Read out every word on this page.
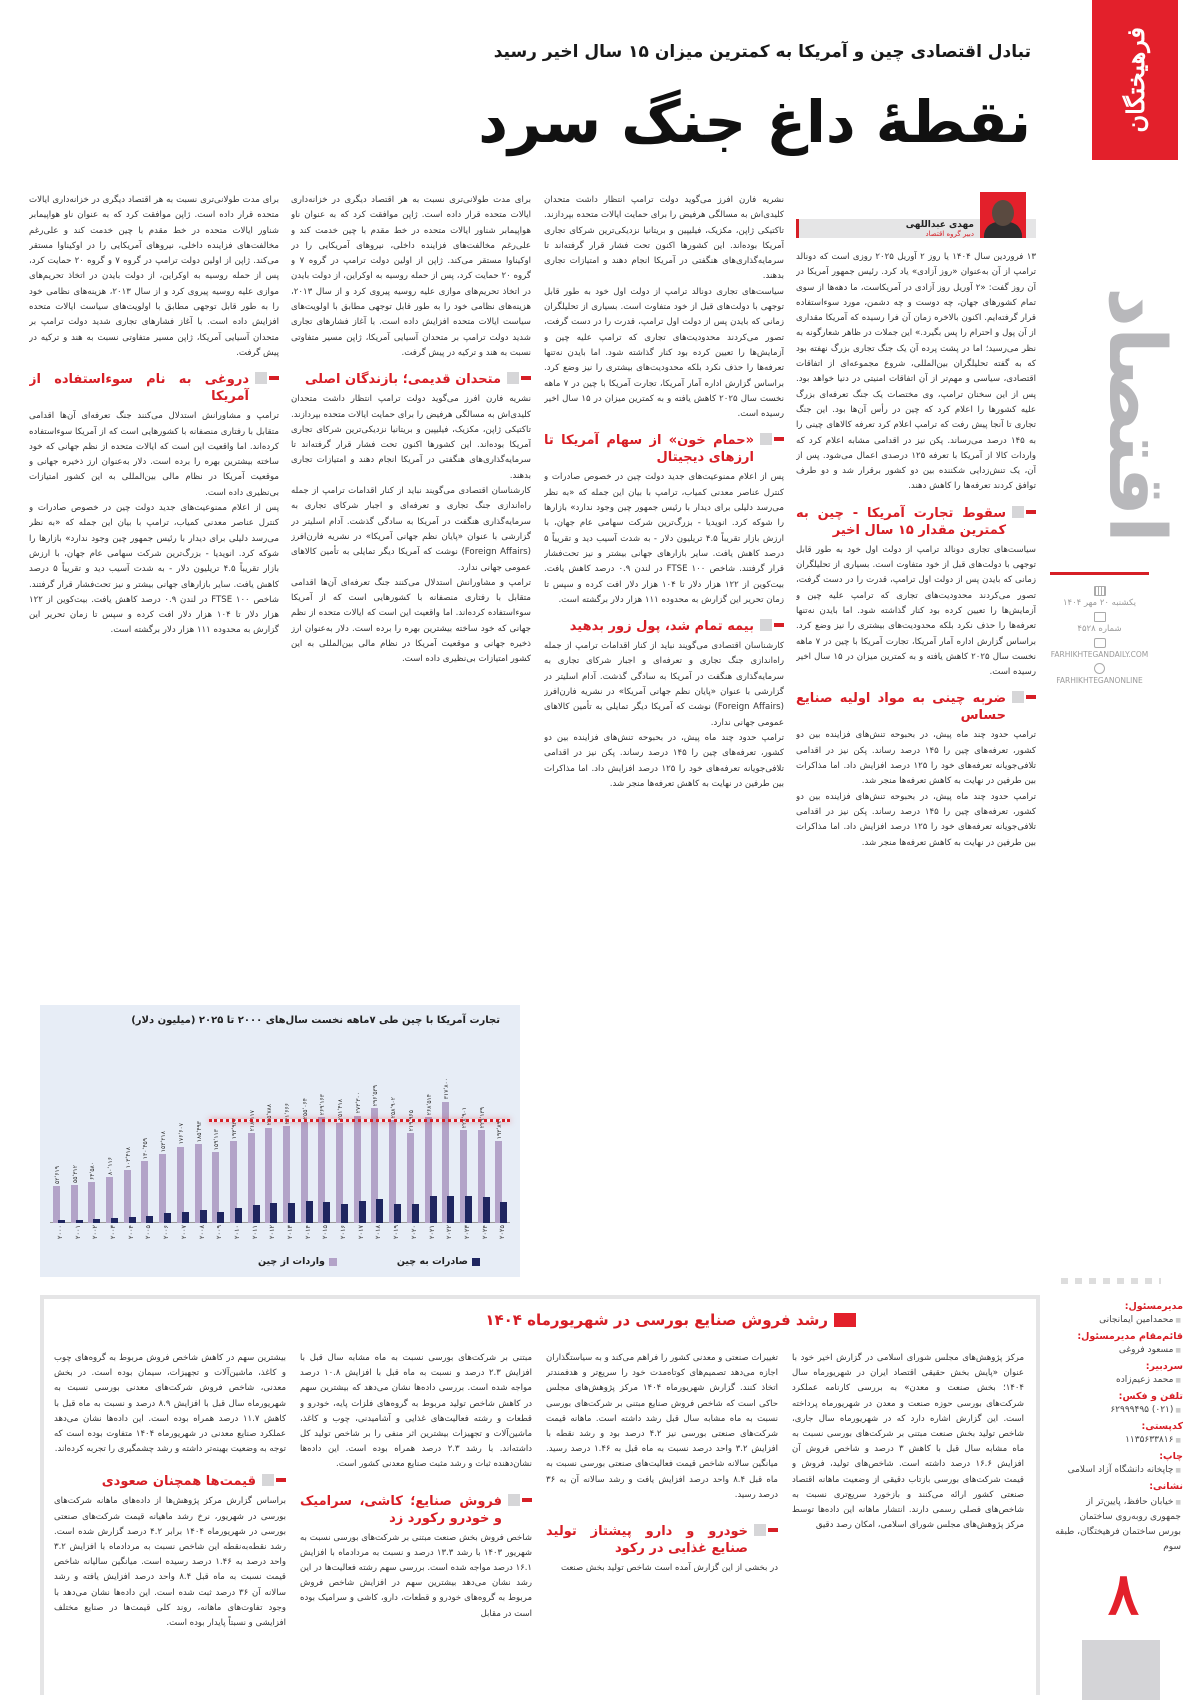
فرهیختگان
اقتصاد
یکشنبه ۲۰ مهر ۱۴۰۴
شماره ۴۵۲۸
FARHIKHTEGANDAILY.COM
FARHIKHTEGANONLINE
مدیرمسئول:
■ محمدامین ایمانجانی
قائم‌مقام مدیرمسئول:
■ مسعود فروغی
سردبیر:
■ محمد زعیم‌زاده
تلفن و فکس:
■ (۰۲۱) ۶۲۹۹۹۴۹۵
کدپستی:
■ ۱۱۳۵۶۳۳۸۱۶
چاپ:
■ چاپخانه دانشگاه آزاد اسلامی
نشانی:
■ خیابان حافظ، پایین‌تر از جمهوری روبه‌روی ساختمان بورس ساختمان فرهیختگان، طبقه سوم
۸
تبادل اقتصادی چین و آمریکا به کمترین میزان ۱۵ سال اخیر رسید
نقطهٔ داغ جنگ سرد
مهدی عبداللهی
دبیر گروه اقتصاد

۱۳ فروردین سال ۱۴۰۴ یا روز ۲ آوریل ۲۰۲۵ روزی است که دونالد ترامپ از آن به‌عنوان «روز آزادی» یاد کرد. رئیس جمهور آمریکا در آن روز گفت: «۲ آوریل روز آزادی در آمریکاست، ما دهه‌ها از سوی تمام کشورهای جهان، چه دوست و چه دشمن، مورد سوءاستفاده قرار گرفته‌ایم. اکنون بالاخره زمان آن فرا رسیده که آمریکا مقداری از آن پول و احترام را پس بگیرد.» این جملات در ظاهر شعارگونه به نظر می‌رسید؛ اما در پشت پرده آن یک جنگ تجاری بزرگ نهفته بود که به گفته تحلیلگران بین‌المللی، شروع مجموعه‌ای از اتفاقات اقتصادی، سیاسی و مهم‌تر از آن اتفاقات امنیتی در دنیا خواهد بود. پس از این سخنان ترامپ، وی مختصات یک جنگ تعرفه‌ای بزرگ علیه کشورها را اعلام کرد که چین در رأس آن‌ها بود. این جنگ تجاری تا آنجا پیش رفت که ترامپ اعلام کرد تعرفه کالاهای چینی را به ۱۴۵ درصد می‌رساند. پکن نیز در اقدامی مشابه اعلام کرد که واردات کالا از آمریکا با تعرفه ۱۲۵ درصدی اعمال می‌شود. پس از آن، یک تنش‌زدایی شکننده بین دو کشور برقرار شد و دو طرف توافق کردند تعرفه‌ها را کاهش دهند.

سقوط تجارت آمریکا - چین به کمترین مقدار ۱۵ سال اخیر

سیاست‌های تجاری دونالد ترامپ از دولت اول خود به طور قابل توجهی با دولت‌های قبل از خود متفاوت است. بسیاری از تحلیلگران زمانی که بایدن پس از دولت اول ترامپ، قدرت را در دست گرفت، تصور می‌کردند محدودیت‌های تجاری که ترامپ علیه چین و آزمایش‌ها را تعیین کرده بود کنار گذاشته شود. اما بایدن نه‌تنها تعرفه‌ها را حذف نکرد بلکه محدودیت‌های بیشتری را نیز وضع کرد. براساس گزارش اداره آمار آمریکا، تجارت آمریکا با چین در ۷ ماهه نخست سال ۲۰۲۵ کاهش یافته و به کمترین میزان در ۱۵ سال اخیر رسیده است.

ضربه چینی به مواد اولیه صنایع حساس

ترامپ حدود چند ماه پیش، در بحبوحه تنش‌های فزاینده بین دو کشور، تعرفه‌های چین را ۱۴۵ درصد رساند. پکن نیز در اقدامی تلافی‌جویانه تعرفه‌های خود را ۱۲۵ درصد افزایش داد. اما مذاکرات بین طرفین در نهایت به کاهش تعرفه‌ها منجر شد.

ترامپ حدود چند ماه پیش، در بحبوحه تنش‌های فزاینده بین دو کشور، تعرفه‌های چین را ۱۴۵ درصد رساند. پکن نیز در اقدامی تلافی‌جویانه تعرفه‌های خود را ۱۲۵ درصد افزایش داد. اما مذاکرات بین طرفین در نهایت به کاهش تعرفه‌ها منجر شد.

نشریه فارن افرز می‌گوید دولت ترامپ انتظار داشت متحدان کلیدی‌اش به مسالگی هرفیض را برای حمایت ایالات متحده بپردازند. تاکتیکی ژاپن، مکزیک، فیلیپین و بریتانیا نزدیکی‌ترین شرکای تجاری آمریکا بوده‌اند. این کشورها اکنون تحت فشار قرار گرفته‌اند تا سرمایه‌گذاری‌های هنگفتی در آمریکا انجام دهند و امتیازات تجاری بدهند.

سیاست‌های تجاری دونالد ترامپ از دولت اول خود به طور قابل توجهی با دولت‌های قبل از خود متفاوت است. بسیاری از تحلیلگران زمانی که بایدن پس از دولت اول ترامپ، قدرت را در دست گرفت، تصور می‌کردند محدودیت‌های تجاری که ترامپ علیه چین و آزمایش‌ها را تعیین کرده بود کنار گذاشته شود. اما بایدن نه‌تنها تعرفه‌ها را حذف نکرد بلکه محدودیت‌های بیشتری را نیز وضع کرد. براساس گزارش اداره آمار آمریکا، تجارت آمریکا با چین در ۷ ماهه نخست سال ۲۰۲۵ کاهش یافته و به کمترین میزان در ۱۵ سال اخیر رسیده است.

«حمام خون» از سهام آمریکا تا ارزهای دیجیتال

پس از اعلام ممنوعیت‌های جدید دولت چین در خصوص صادرات و کنترل عناصر معدنی کمیاب، ترامپ با بیان این جمله که «به نظر می‌رسد دلیلی برای دیدار با رئیس جمهور چین وجود ندارد» بازارها را شوکه کرد. انویدیا - بزرگ‌ترین شرکت سهامی عام جهان، با ارزش بازار تقریباً ۴.۵ تریلیون دلار - به شدت آسیب دید و تقریباً ۵ درصد کاهش یافت. سایر بازارهای جهانی بیشتر و نیز تحت‌فشار قرار گرفتند. شاخص FTSE ۱۰۰ در لندن ۰.۹ درصد کاهش یافت. بیت‌کوین از ۱۲۲ هزار دلار تا ۱۰۴ هزار دلار افت کرده و سپس تا زمان تحریر این گزارش به محدوده ۱۱۱ هزار دلار برگشته است.

بیمه تمام شد، پول زور بدهید

کارشناسان اقتصادی می‌گویند نباید از کنار اقدامات ترامپ از جمله راه‌اندازی جنگ تجاری و تعرفه‌ای و اجبار شرکای تجاری به سرمایه‌گذاری هنگفت در آمریکا به سادگی گذشت. آدام اسلیتر در گزارشی با عنوان «پایان نظم جهانی آمریکا» در نشریه فارن‌افرز (Foreign Affairs) نوشت که آمریکا دیگر تمایلی به تأمین کالاهای عمومی جهانی ندارد.

ترامپ حدود چند ماه پیش، در بحبوحه تنش‌های فزاینده بین دو کشور، تعرفه‌های چین را ۱۴۵ درصد رساند. پکن نیز در اقدامی تلافی‌جویانه تعرفه‌های خود را ۱۲۵ درصد افزایش داد. اما مذاکرات بین طرفین در نهایت به کاهش تعرفه‌ها منجر شد.

برای مدت طولانی‌تری نسبت به هر اقتصاد دیگری در خزانه‌داری ایالات متحده قرار داده است. ژاپن موافقت کرد که به عنوان ناو هواپیمابر شناور ایالات متحده در خط مقدم با چین خدمت کند و علی‌رغم مخالفت‌های فزاینده داخلی، نیروهای آمریکایی را در اوکیناوا مستقر می‌کند. ژاپن از اولین دولت ترامپ در گروه ۷ و گروه ۲۰ حمایت کرد، پس از حمله روسیه به اوکراین، از دولت بایدن در اتخاذ تحریم‌های موازی علیه روسیه پیروی کرد و از سال ۲۰۱۳، هزینه‌های نظامی خود را به طور قابل توجهی مطابق با اولویت‌های سیاست ایالات متحده افزایش داده است. با آغاز فشارهای تجاری شدید دولت ترامپ بر متحدان آسیایی آمریکا، ژاپن مسیر متفاوتی نسبت به هند و ترکیه در پیش گرفت.

متحدان قدیمی؛ بازندگان اصلی

نشریه فارن افرز می‌گوید دولت ترامپ انتظار داشت متحدان کلیدی‌اش به مسالگی هرفیض را برای حمایت ایالات متحده بپردازند. تاکتیکی ژاپن، مکزیک، فیلیپین و بریتانیا نزدیکی‌ترین شرکای تجاری آمریکا بوده‌اند. این کشورها اکنون تحت فشار قرار گرفته‌اند تا سرمایه‌گذاری‌های هنگفتی در آمریکا انجام دهند و امتیازات تجاری بدهند.

کارشناسان اقتصادی می‌گویند نباید از کنار اقدامات ترامپ از جمله راه‌اندازی جنگ تجاری و تعرفه‌ای و اجبار شرکای تجاری به سرمایه‌گذاری هنگفت در آمریکا به سادگی گذشت. آدام اسلیتر در گزارشی با عنوان «پایان نظم جهانی آمریکا» در نشریه فارن‌افرز (Foreign Affairs) نوشت که آمریکا دیگر تمایلی به تأمین کالاهای عمومی جهانی ندارد.

ترامپ و مشاورانش استدلال می‌کنند جنگ تعرفه‌ای آن‌ها اقدامی متقابل با رفتاری منصفانه با کشورهایی است که از آمریکا سوءاستفاده کرده‌اند. اما واقعیت این است که ایالات متحده از نظم جهانی که خود ساخته بیشترین بهره را برده است. دلار به‌عنوان ارز ذخیره جهانی و موقعیت آمریکا در نظام مالی بین‌المللی به این کشور امتیازات بی‌نظیری داده است.

برای مدت طولانی‌تری نسبت به هر اقتصاد دیگری در خزانه‌داری ایالات متحده قرار داده است. ژاپن موافقت کرد که به عنوان ناو هواپیمابر شناور ایالات متحده در خط مقدم با چین خدمت کند و علی‌رغم مخالفت‌های فزاینده داخلی، نیروهای آمریکایی را در اوکیناوا مستقر می‌کند. ژاپن از اولین دولت ترامپ در گروه ۷ و گروه ۲۰ حمایت کرد، پس از حمله روسیه به اوکراین، از دولت بایدن در اتخاذ تحریم‌های موازی علیه روسیه پیروی کرد و از سال ۲۰۱۳، هزینه‌های نظامی خود را به طور قابل توجهی مطابق با اولویت‌های سیاست ایالات متحده افزایش داده است. با آغاز فشارهای تجاری شدید دولت ترامپ بر متحدان آسیایی آمریکا، ژاپن مسیر متفاوتی نسبت به هند و ترکیه در پیش گرفت.

دروغی به نام سوءاستفاده از آمریکا

ترامپ و مشاورانش استدلال می‌کنند جنگ تعرفه‌ای آن‌ها اقدامی متقابل با رفتاری منصفانه با کشورهایی است که از آمریکا سوءاستفاده کرده‌اند. اما واقعیت این است که ایالات متحده از نظم جهانی که خود ساخته بیشترین بهره را برده است. دلار به‌عنوان ارز ذخیره جهانی و موقعیت آمریکا در نظام مالی بین‌المللی به این کشور امتیازات بی‌نظیری داده است.

پس از اعلام ممنوعیت‌های جدید دولت چین در خصوص صادرات و کنترل عناصر معدنی کمیاب، ترامپ با بیان این جمله که «به نظر می‌رسد دلیلی برای دیدار با رئیس جمهور چین وجود ندارد» بازارها را شوکه کرد. انویدیا - بزرگ‌ترین شرکت سهامی عام جهان، با ارزش بازار تقریباً ۴.۵ تریلیون دلار - به شدت آسیب دید و تقریباً ۵ درصد کاهش یافت. سایر بازارهای جهانی بیشتر و نیز تحت‌فشار قرار گرفتند. شاخص FTSE ۱۰۰ در لندن ۰.۹ درصد کاهش یافت. بیت‌کوین از ۱۲۲ هزار دلار تا ۱۰۴ هزار دلار افت کرده و سپس تا زمان تحریر این گزارش به محدوده ۱۱۱ هزار دلار برگشته است.

تجارت آمریکا با چین طی ۷ماهه نخست سال‌های ۲۰۰۰ تا ۲۰۲۵ (میلیون دلار)
۵۲٬۶۱۹
۲۰۰۰
۵۵٬۳۱۲
۲۰۰۱
۶۴٬۵۸۰
۲۰۰۲
۸۰٬۱۱۶
۲۰۰۳
۱۰۳٬۴۱۸
۲۰۰۴
۱۳۰٬۴۵۹
۲۰۰۵
۱۵۳٬۲۱۸
۲۰۰۶
۱۷۶٬۶۰۷
۲۰۰۷
۱۸۵٬۴۹۳
۲۰۰۸
۱۵۹٬۱۱۳
۲۰۰۹
۱۹۳٬۹۳۳
۲۰۱۰
۲۱۸٬۱۱۷
۲۰۱۱
۲۳۵٬۷۸۸
۲۰۱۲
۲۴۱٬۶۶۶
۲۰۱۳
۲۵۵٬۰۶۴
۲۰۱۴
۲۶۹٬۱۶۳
۲۰۱۵
۲۵۱٬۴۱۸
۲۰۱۶
۲۷۳٬۳۰۰
۲۰۱۷
۲۹۶٬۵۳۹
۲۰۱۸
۲۵۸٬۹۰۲
۲۰۱۹
۲۱۹٬۹۶۵
۲۰۲۰
۲۶۸٬۵۱۴
۲۰۲۱
۳۱۷٬۸۰۰
۲۰۲۲
۲۲۸٬۹۰۱
۲۰۲۳
۲۲۹٬۱۳۹
۲۰۲۴
۱۹۳٬۸۹۰
۲۰۲۵
صادرات به چین
واردات از چین
رشد فروش صنایع بورسی در شهریورماه ۱۴۰۴

مرکز پژوهش‌های مجلس شورای اسلامی در گزارش اخیر خود با عنوان «پایش بخش حقیقی اقتصاد ایران در شهریورماه سال ۱۴۰۴؛ بخش صنعت و معدن» به بررسی کارنامه عملکرد شرکت‌های بورسی حوزه صنعت و معدن در شهریورماه پرداخته است. این گزارش اشاره دارد که در شهریورماه سال جاری، شاخص تولید بخش صنعت مبتنی بر شرکت‌های بورسی نسبت به ماه مشابه سال قبل با کاهش ۳ درصد و شاخص فروش آن افزایش ۱۶.۶ درصد داشته است. شاخص‌های تولید، فروش و قیمت شرکت‌های بورسی بازتاب دقیقی از وضعیت ماهانه اقتصاد صنعتی کشور ارائه می‌کنند و بازخورد سریع‌تری نسبت به شاخص‌های فصلی رسمی دارند. انتشار ماهانه این داده‌ها توسط مرکز پژوهش‌های مجلس شورای اسلامی، امکان رصد دقیق

تغییرات صنعتی و معدنی کشور را فراهم می‌کند و به سیاستگذاران اجازه می‌دهد تصمیم‌های کوتاه‌مدت خود را سریع‌تر و هدفمندتر اتخاذ کنند. گزارش شهریورماه ۱۴۰۴ مرکز پژوهش‌های مجلس حاکی است که شاخص فروش صنایع مبتنی بر شرکت‌های بورسی نسبت به ماه مشابه سال قبل رشد داشته است. ماهانه قیمت شرکت‌های صنعتی بورسی نیز ۴.۲ درصد بود و رشد نقطه با افزایش ۳.۲ واحد درصد نسبت به ماه قبل به ۱.۴۶ درصد رسید. میانگین سالانه شاخص قیمت فعالیت‌های صنعتی بورسی نسبت به ماه قبل ۸.۴ واحد درصد افزایش یافت و رشد سالانه آن به ۳۶ درصد رسید.

خودرو و دارو پیشتاز تولید صنایع غذایی در رکود

در بخشی از این گزارش آمده است شاخص تولید بخش صنعت

مبتنی بر شرکت‌های بورسی نسبت به ماه مشابه سال قبل با افزایش ۲.۳ درصد و نسبت به ماه قبل با افزایش ۱۰.۸ درصد مواجه شده است. بررسی داده‌ها نشان می‌دهد که بیشترین سهم در کاهش شاخص تولید مربوط به گروه‌های فلزات پایه، خودرو و قطعات و رشته فعالیت‌های غذایی و آشامیدنی، چوب و کاغذ، ماشین‌آلات و تجهیزات بیشترین اثر منفی را بر شاخص تولید کل داشته‌اند. با رشد ۲.۳ درصد همراه بوده است. این داده‌ها نشان‌دهنده ثبات و رشد مثبت صنایع معدنی کشور است.

فروش صنایع؛ کاشی، سرامیک و خودرو رکورد زد

شاخص فروش بخش صنعت مبتنی بر شرکت‌های بورسی نسبت به شهریور ۱۴۰۳ با رشد ۱۳.۳ درصد و نسبت به مردادماه با افزایش ۱۶.۱ درصد مواجه شده است. بررسی سهم رشته فعالیت‌ها در این رشد نشان می‌دهد بیشترین سهم در افزایش شاخص فروش مربوط به گروه‌های خودرو و قطعات، دارو، کاشی و سرامیک بوده است در مقابل

بیشترین سهم در کاهش شاخص فروش مربوط به گروه‌های چوب و کاغذ، ماشین‌آلات و تجهیزات، سیمان بوده است. در بخش معدنی، شاخص فروش شرکت‌های معدنی بورسی نسبت به شهریورماه سال قبل با افزایش ۸.۹ درصد و نسبت به ماه قبل با کاهش ۱۱.۷ درصد همراه بوده است. این داده‌ها نشان می‌دهد عملکرد صنایع معدنی در شهریورماه ۱۴۰۴ متفاوت بوده است که توجه به وضعیت بهینه‌تر داشته و رشد چشمگیری را تجربه کرده‌اند.

قیمت‌ها همچنان صعودی

براساس گزارش مرکز پژوهش‌ها از داده‌های ماهانه شرکت‌های بورسی در شهریور، نرخ رشد ماهیانه قیمت شرکت‌های صنعتی بورسی در شهریورماه ۱۴۰۴ برابر ۴.۲ درصد گزارش شده است. رشد نقطه‌به‌نقطه این شاخص نسبت به مردادماه با افزایش ۳.۲ واحد درصد به ۱.۴۶ درصد رسیده است. میانگین سالیانه شاخص قیمت نسبت به ماه قبل ۸.۴ واحد درصد افزایش یافته و رشد سالانه آن ۳۶ درصد ثبت شده است. این داده‌ها نشان می‌دهد با وجود تفاوت‌های ماهانه، روند کلی قیمت‌ها در صنایع مختلف افزایشی و نسبتاً پایدار بوده است.
